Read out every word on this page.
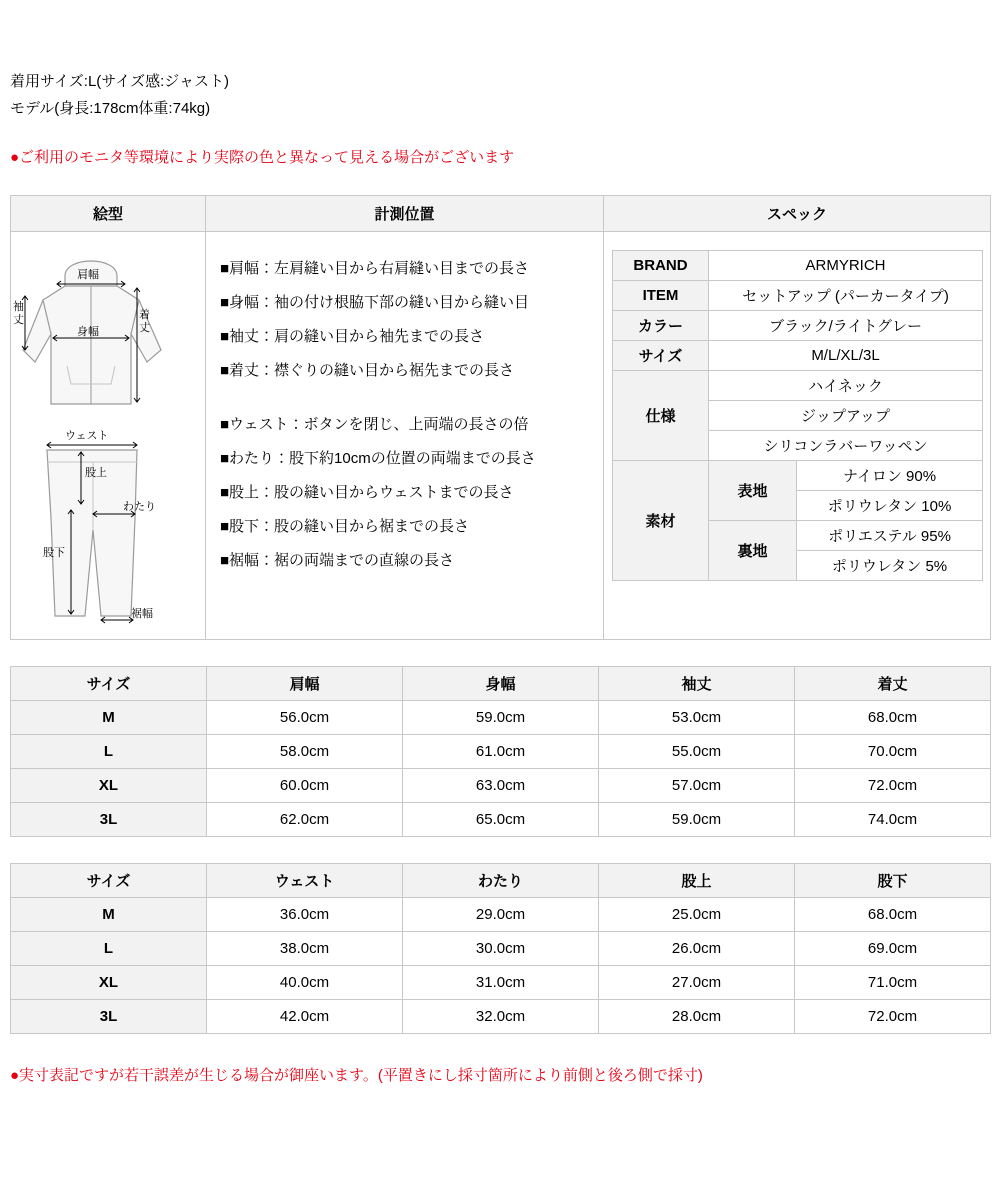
着用サイズ:L(サイズ感:ジャスト)
モデル(身長:178cm体重:74kg)
●ご利用のモニタ等環境により実際の色と異なって見える場合がございます
絵型	計測位置	スペック

肩幅
袖
丈
身幅
着
丈
ウェスト
股上
わたり
股下
裾幅

■肩幅：左肩縫い目から右肩縫い目までの長さ
■身幅：袖の付け根脇下部の縫い目から縫い目
■袖丈：肩の縫い目から袖先までの長さ
■着丈：襟ぐりの縫い目から裾先までの長さ
■ウェスト：ボタンを閉じ、上両端の長さの倍
■わたり：股下約10cmの位置の両端までの長さ
■股上：股の縫い目からウェストまでの長さ
■股下：股の縫い目から裾までの長さ
■裾幅：裾の両端までの直線の長さ

BRAND	ARMYRICH
ITEM	セットアップ (パーカータイプ)
カラー	ブラック/ライトグレー
サイズ	M/L/XL/3L
仕様	ハイネック
ジップアップ
シリコンラバーワッペン
素材	表地	ナイロン 90%
ポリウレタン 10%
裏地	ポリエステル 95%
ポリウレタン 5%
サイズ	肩幅	身幅	袖丈	着丈
M	56.0cm	59.0cm	53.0cm	68.0cm
L	58.0cm	61.0cm	55.0cm	70.0cm
XL	60.0cm	63.0cm	57.0cm	72.0cm
3L	62.0cm	65.0cm	59.0cm	74.0cm
サイズ	ウェスト	わたり	股上	股下
M	36.0cm	29.0cm	25.0cm	68.0cm
L	38.0cm	30.0cm	26.0cm	69.0cm
XL	40.0cm	31.0cm	27.0cm	71.0cm
3L	42.0cm	32.0cm	28.0cm	72.0cm
●実寸表記ですが若干誤差が生じる場合が御座います。(平置きにし採寸箇所により前側と後ろ側で採寸)
